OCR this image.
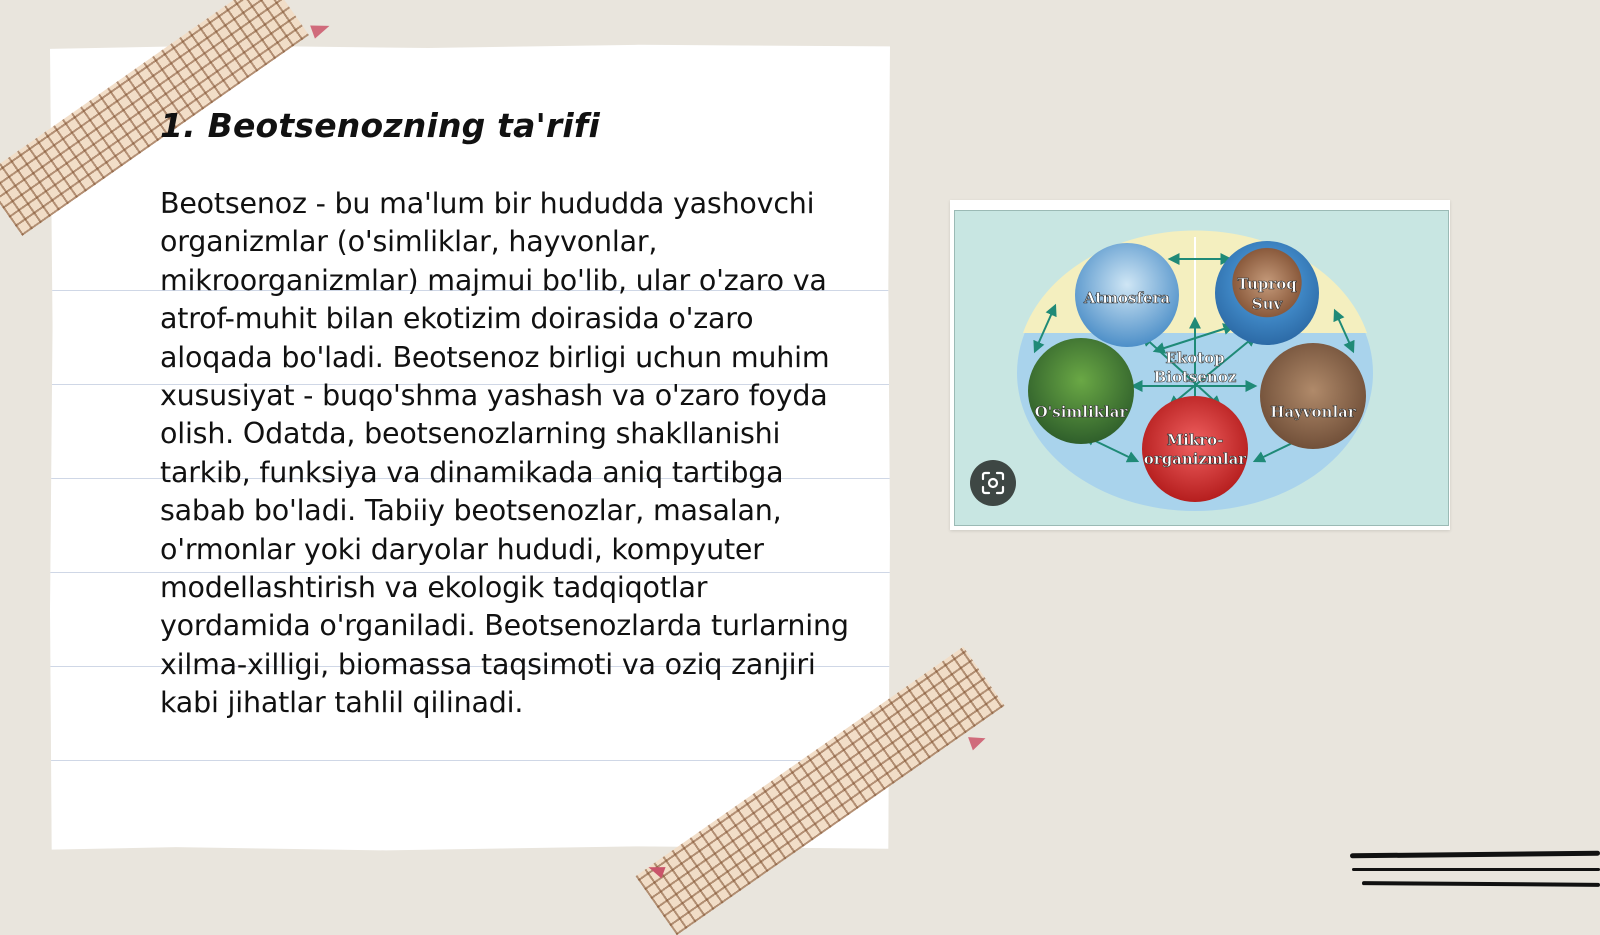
1. Beotsenozning ta'rifi

Beotsenoz - bu ma'lum bir hududda yashovchi organizmlar (o'simliklar, hayvonlar, mikroorganizmlar) majmui bo'lib, ular o'zaro va atrof-muhit bilan ekotizim doirasida o'zaro aloqada bo'ladi. Beotsenoz birligi uchun muhim xususiyat - buqo'shma yashash va o'zaro foyda olish. Odatda, beotsenozlarning shakllanishi tarkib, funksiya va dinamikada aniq tartibga sabab bo'ladi. Tabiiy beotsenozlar, masalan, o'rmonlar yoki daryolar hududi, kompyuter modellashtirish va ekologik tadqiqotlar yordamida o'rganiladi. Beotsenozlarda turlarning xilma-xilligi, biomassa taqsimoti va oziq zanjiri kabi jihatlar tahlil qilinadi.

Atmosfera
Tuproq
Suv
O'simliklar	Hayvonlar
Mikro-
organizmlar
Ekotop
Biotsenoz
